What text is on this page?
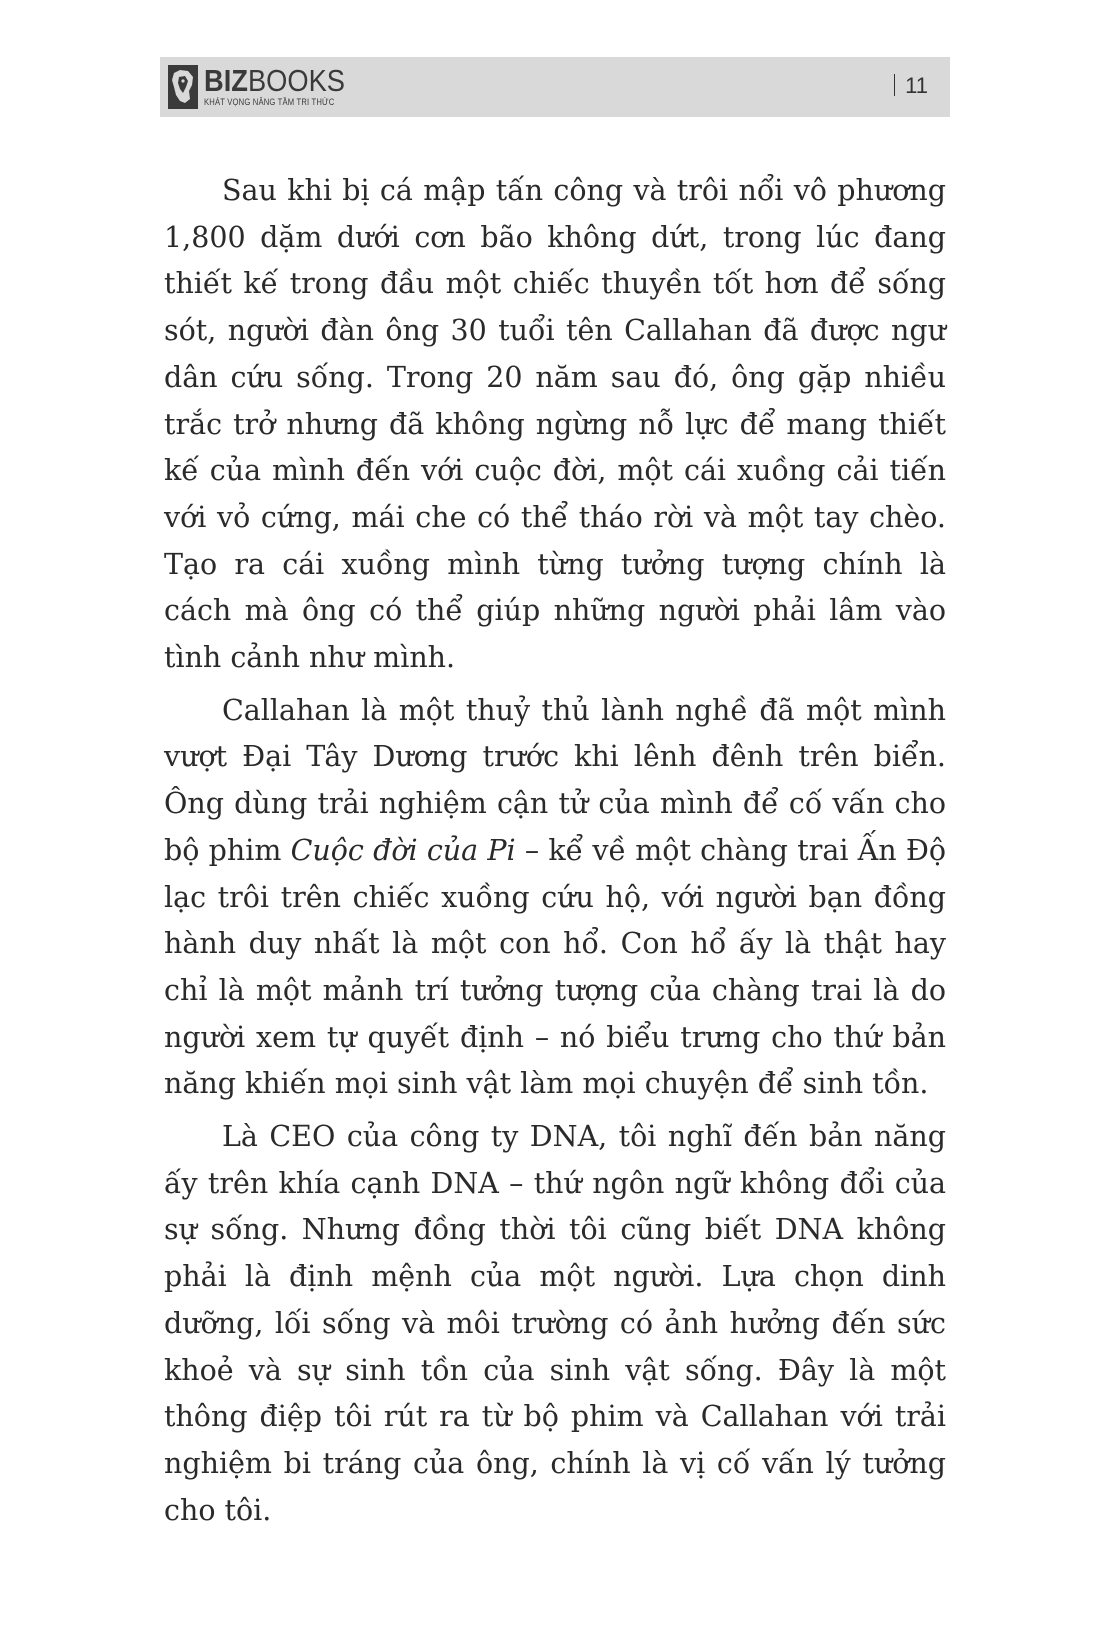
BIZBOOKS
KHÁT VỌNG NÂNG TẦM TRI THỨC
11

Sau khi bị cá mập tấn công và trôi nổi vô phương 1,800 dặm dưới cơn bão không dứt, trong lúc đang thiết kế trong đầu một chiếc thuyền tốt hơn để sống sót, người đàn ông 30 tuổi tên Callahan đã được ngư dân cứu sống. Trong 20 năm sau đó, ông gặp nhiều trắc trở nhưng đã không ngừng nỗ lực để mang thiết kế của mình đến với cuộc đời, một cái xuồng cải tiến với vỏ cứng, mái che có thể tháo rời và một tay chèo. Tạo ra cái xuồng mình từng tưởng tượng chính là cách mà ông có thể giúp những người phải lâm vào tình cảnh như mình.

Callahan là một thuỷ thủ lành nghề đã một mình vượt Đại Tây Dương trước khi lênh đênh trên biển. Ông dùng trải nghiệm cận tử của mình để cố vấn cho bộ phim Cuộc đời của Pi – kể về một chàng trai Ấn Độ lạc trôi trên chiếc xuồng cứu hộ, với người bạn đồng hành duy nhất là một con hổ. Con hổ ấy là thật hay chỉ là một mảnh trí tưởng tượng của chàng trai là do người xem tự quyết định – nó biểu trưng cho thứ bản năng khiến mọi sinh vật làm mọi chuyện để sinh tồn.

Là CEO của công ty DNA, tôi nghĩ đến bản năng ấy trên khía cạnh DNA – thứ ngôn ngữ không đổi của sự sống. Nhưng đồng thời tôi cũng biết DNA không phải là định mệnh của một người. Lựa chọn dinh dưỡng, lối sống và môi trường có ảnh hưởng đến sức khoẻ và sự sinh tồn của sinh vật sống. Đây là một thông điệp tôi rút ra từ bộ phim và Callahan với trải nghiệm bi tráng của ông, chính là vị cố vấn lý tưởng cho tôi.
